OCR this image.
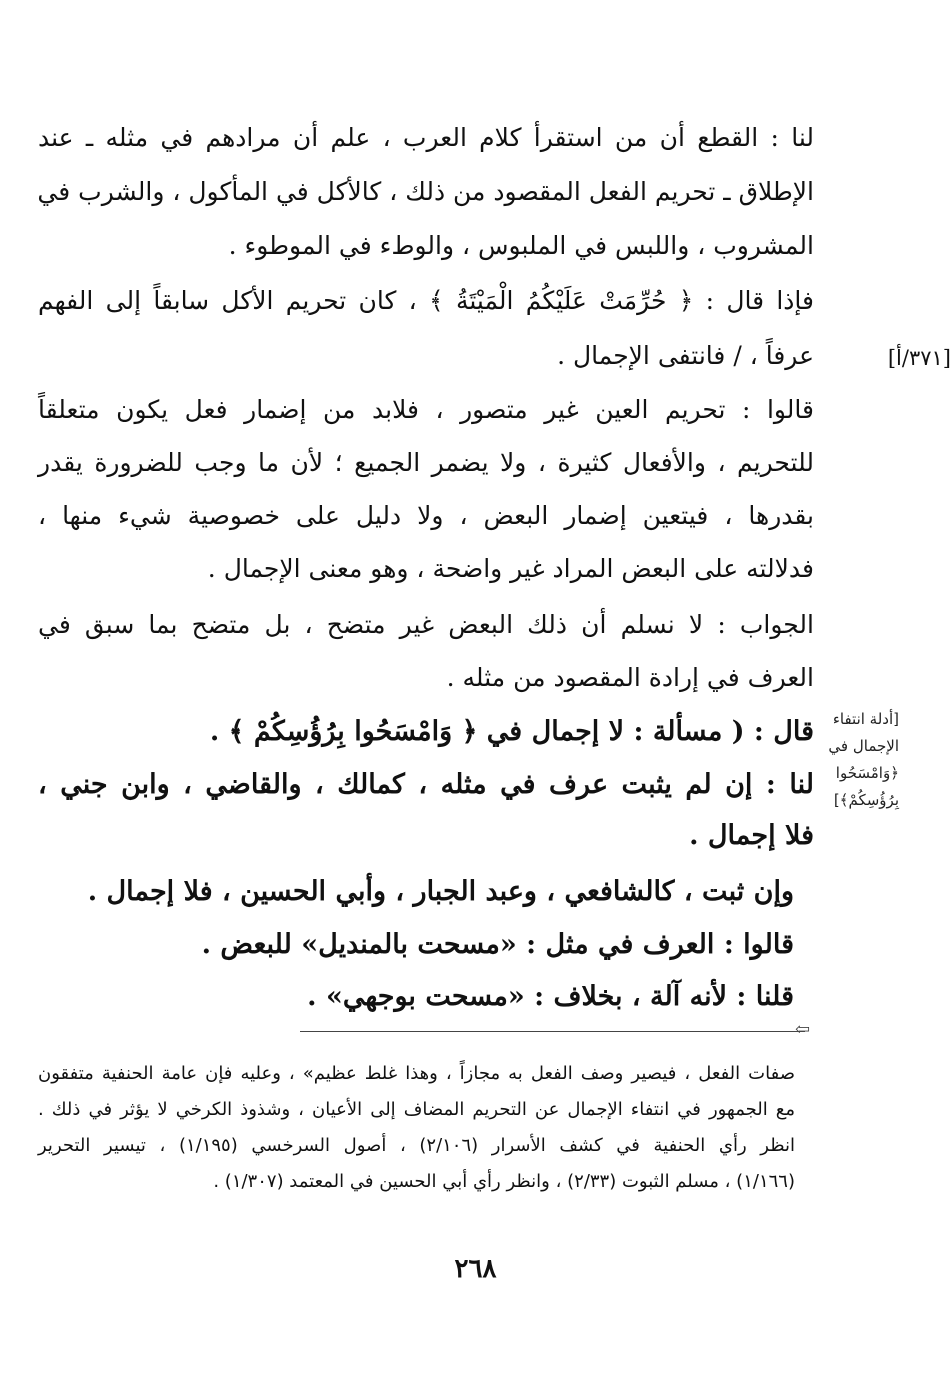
لنا : القطع أن من استقرأ كلام العرب ، علم أن مرادهم في مثله ـ عند
الإطلاق ـ تحريم الفعل المقصود من ذلك ، كالأكل في المأكول ، والشرب في
المشروب ، واللبس في الملبوس ، والوطء في الموطوء .
فإذا قال : ﴿ حُرِّمَتْ عَلَيْكُمُ الْمَيْتَةُ ﴾ ، كان تحريم الأكل سابقاً إلى الفهم
عرفاً ، / فانتفى الإجمال .
قالوا : تحريم العين غير متصور ، فلابد من إضمار فعل يكون متعلقاً
للتحريم ، والأفعال كثيرة ، ولا يضمر الجميع ؛ لأن ما وجب للضرورة يقدر
بقدرها ، فيتعين إضمار البعض ، ولا دليل على خصوصية شيء منها ،
فدلالته على البعض المراد غير واضحة ، وهو معنى الإجمال .
الجواب : لا نسلم أن ذلك البعض غير متضح ، بل متضح بما سبق في
العرف في إرادة المقصود من مثله .
قال : ( مسألة : لا إجمال في ﴿ وَامْسَحُوا بِرُؤُسِكُمْ ﴾ .
لنا : إن لم يثبت عرف في مثله ، كمالك ، والقاضي ، وابن جني ،
فلا إجمال .
وإن ثبت ، كالشافعي ، وعبد الجبار ، وأبي الحسين ، فلا إجمال .
قالوا : العرف في مثل : «مسحت بالمنديل» للبعض .
قلنا : لأنه آلة ، بخلاف : «مسحت بوجهي» .
[٣٧١/أ]
[أدلة انتفاء
الإجمال في
﴿وَامْسَحُوا
بِرُؤُسِكُمْ﴾]
⇦
صفات الفعل ، فيصير وصف الفعل به مجازاً ، وهذا غلط عظيم» ، وعليه فإن عامة الحنفية متفقون
مع الجمهور في انتفاء الإجمال عن التحريم المضاف إلى الأعيان ، وشذوذ الكرخي لا يؤثر في ذلك .
انظر رأي الحنفية في كشف الأسرار (٢/١٠٦) ، أصول السرخسي (١/١٩٥) ، تيسير التحرير
(١/١٦٦) ، مسلم الثبوت (٢/٣٣) ، وانظر رأي أبي الحسين في المعتمد (١/٣٠٧) .
٢٦٨
